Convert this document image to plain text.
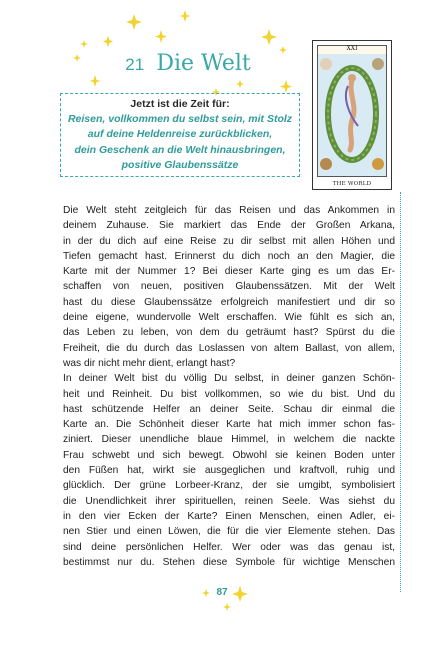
21 Die Welt
Jetzt ist die Zeit für:
Reisen, vollkommen du selbst sein, mit Stolz
auf deine Heldenreise zurückblicken,
dein Geschenk an die Welt hinausbringen,
positive Glaubenssätze
XXI
THE WORLD

Die Welt steht zeitgleich für das Reisen und das Ankommen in
deinem Zuhause. Sie markiert das Ende der Großen Arkana,
in der du dich auf eine Reise zu dir selbst mit allen Höhen und
Tiefen gemacht hast. Erinnerst du dich noch an den Magier, die
Karte mit der Nummer 1? Bei dieser Karte ging es um das Er-
schaffen von neuen, positiven Glaubenssätzen. Mit der Welt
hast du diese Glaubenssätze erfolgreich manifestiert und dir so
deine eigene, wundervolle Welt erschaffen. Wie fühlt es sich an,
das Leben zu leben, von dem du geträumt hast? Spürst du die
Freiheit, die du durch das Loslassen von altem Ballast, von allem,
was dir nicht mehr dient, erlangt hast?

In deiner Welt bist du völlig Du selbst, in deiner ganzen Schön-
heit und Reinheit. Du bist vollkommen, so wie du bist. Und du
hast schützende Helfer an deiner Seite. Schau dir einmal die
Karte an. Die Schönheit dieser Karte hat mich immer schon fas-
ziniert. Dieser unendliche blaue Himmel, in welchem die nackte
Frau schwebt und sich bewegt. Obwohl sie keinen Boden unter
den Füßen hat, wirkt sie ausgeglichen und kraftvoll, ruhig und
glücklich. Der grüne Lorbeer-Kranz, der sie umgibt, symbolisiert
die Unendlichkeit ihrer spirituellen, reinen Seele. Was siehst du
in den vier Ecken der Karte? Einen Menschen, einen Adler, ei-
nen Stier und einen Löwen, die für die vier Elemente stehen. Das
sind deine persönlichen Helfer. Wer oder was das genau ist,
bestimmst nur du. Stehen diese Symbole für wichtige Menschen

87
